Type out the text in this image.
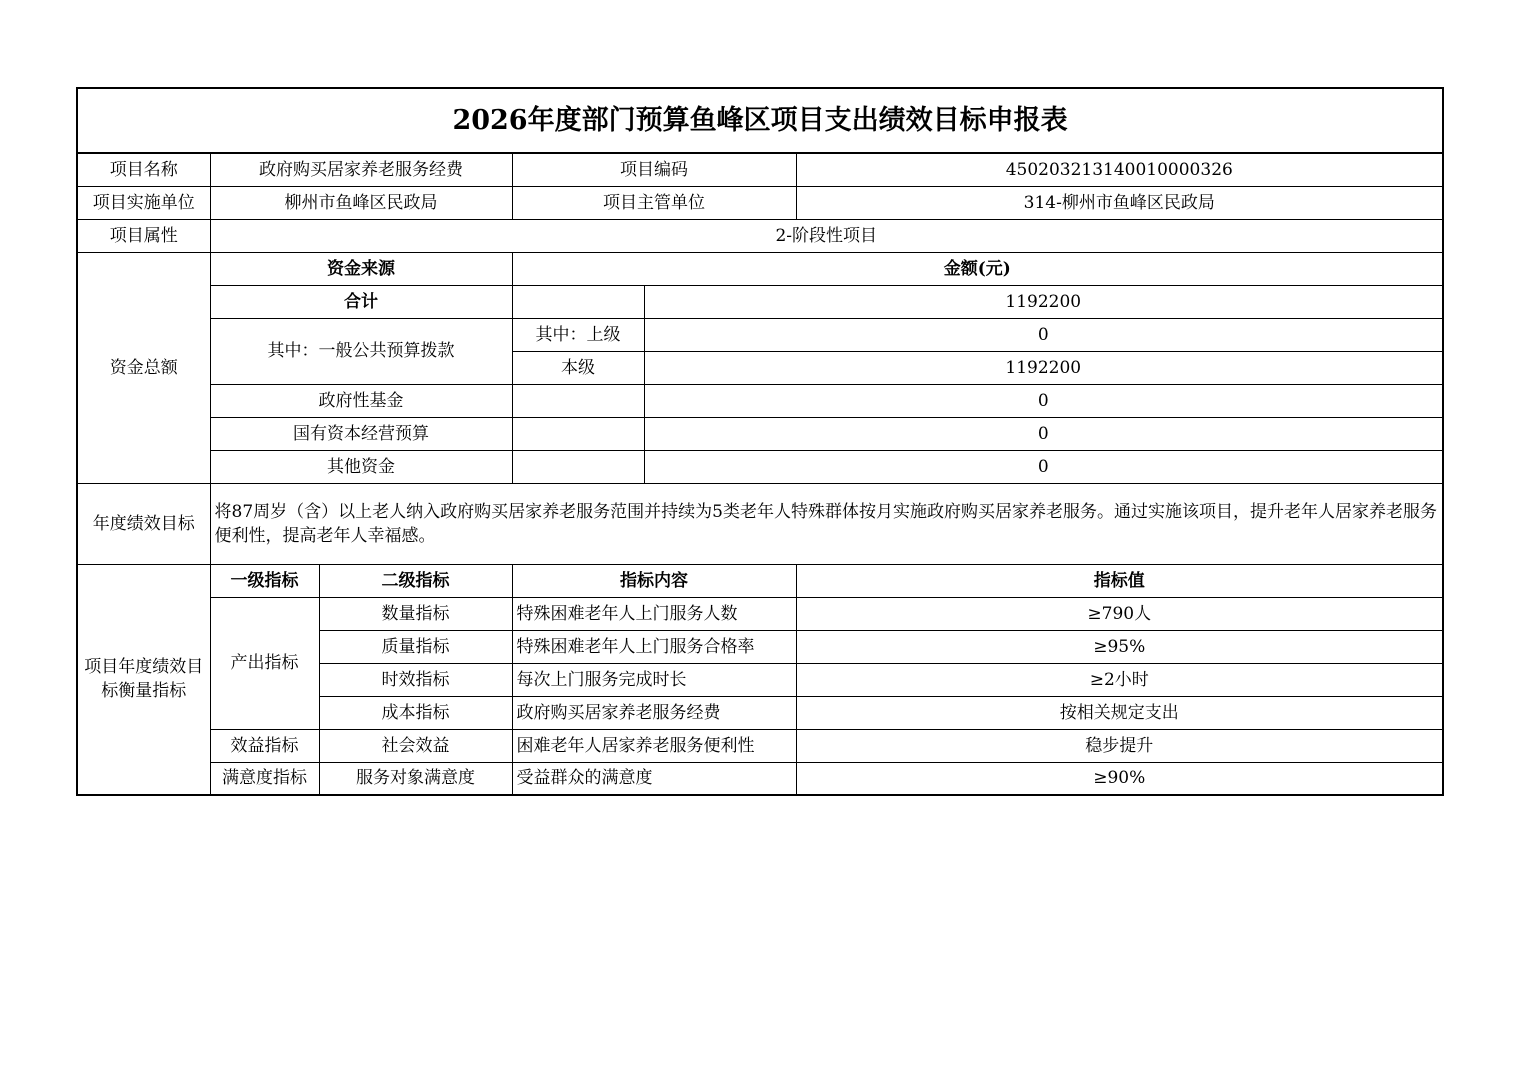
2026年度部门预算鱼峰区项目支出绩效目标申报表					
项目名称	政府购买居家养老服务经费		项目编码		450203213140010000326
项目实施单位	柳州市鱼峰区民政局		项目主管单位		314-柳州市鱼峰区民政局
项目属性	2-阶段性项目				
资金总额	资金来源		金额(元)		
	合计			1192200	
	其中：一般公共预算拨款		其中：上级	0	
			本级	1192200	
	政府性基金			0	
	国有资本经营预算			0	
	其他资金			0	
年度绩效目标	将87周岁（含）以上老人纳入政府购买居家养老服务范围并持续为5类老年人特殊群体按月实施政府购买居家养老服务。通过实施该项目，提升老年人居家养老服务便利性，提高老年人幸福感。				
项目年度绩效目标衡量指标	一级指标	二级指标	指标内容		指标值
	产出指标	数量指标	特殊困难老年人上门服务人数		≥790人
		质量指标	特殊困难老年人上门服务合格率		≥95%
		时效指标	每次上门服务完成时长		≥2小时
		成本指标	政府购买居家养老服务经费		按相关规定支出
	效益指标	社会效益	困难老年人居家养老服务便利性		稳步提升
	满意度指标	服务对象满意度	受益群众的满意度		≥90%
